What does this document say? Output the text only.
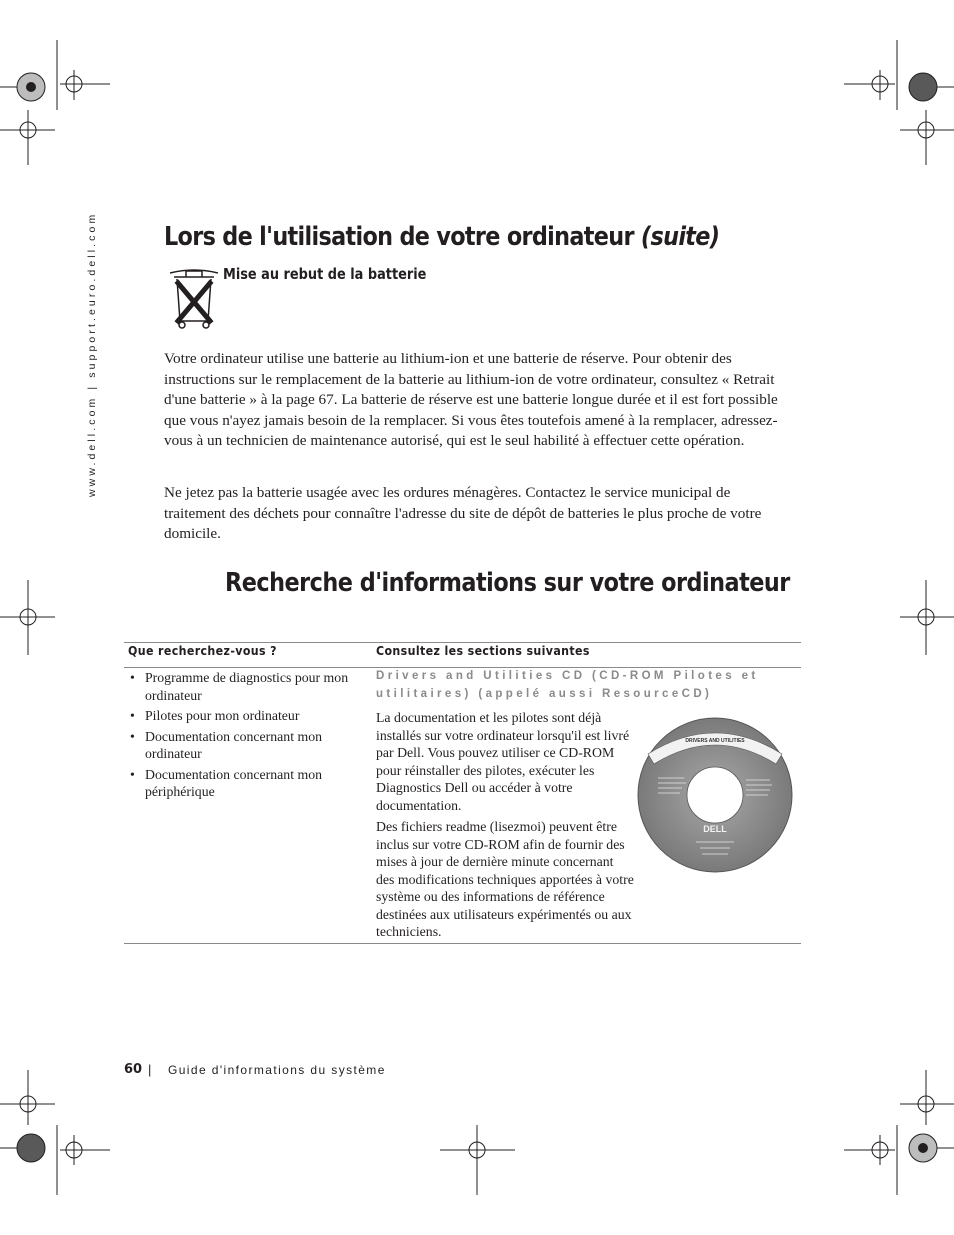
www.dell.com | support.euro.dell.com	Lors de l'utilisation de votre ordinateur (suite)
Mise au rebut de la batterie
Votre ordinateur utilise une batterie au lithium-ion et une batterie de réserve. Pour obtenir des instructions sur le remplacement de la batterie au lithium-ion de votre ordinateur, consultez « Retrait d'une batterie » à la page 67. La batterie de réserve est une batterie longue durée et il est fort possible que vous n'ayez jamais besoin de la remplacer. Si vous êtes toutefois amené à la remplacer, adressez-vous à un technicien de maintenance autorisé, qui est le seul habilité à effectuer cette opération.
Ne jetez pas la batterie usagée avec les ordures ménagères. Contactez le service municipal de traitement des déchets pour connaître l'adresse du site de dépôt de batteries le plus proche de votre domicile.
Recherche d'informations sur votre ordinateur
Que recherchez-vous ?	Consultez les sections suivantes
• Programme de diagnostics pour mon ordinateur
• Pilotes pour mon ordinateur
• Documentation concernant mon ordinateur
• Documentation concernant mon périphérique
Drivers and Utilities CD (CD-ROM Pilotes et utilitaires) (appelé aussi ResourceCD)
La documentation et les pilotes sont déjà installés sur votre ordinateur lorsqu'il est livré par Dell. Vous pouvez utiliser ce CD-ROM pour réinstaller des pilotes, exécuter les Diagnostics Dell ou accéder à votre documentation.
Des fichiers readme (lisezmoi) peuvent être inclus sur votre CD-ROM afin de fournir des mises à jour de dernière minute concernant des modifications techniques apportées à votre système ou des informations de référence destinées aux utilisateurs expérimentés ou aux techniciens.
DRIVERS AND UTILITIES
DELL
60 | Guide d'informations du système
